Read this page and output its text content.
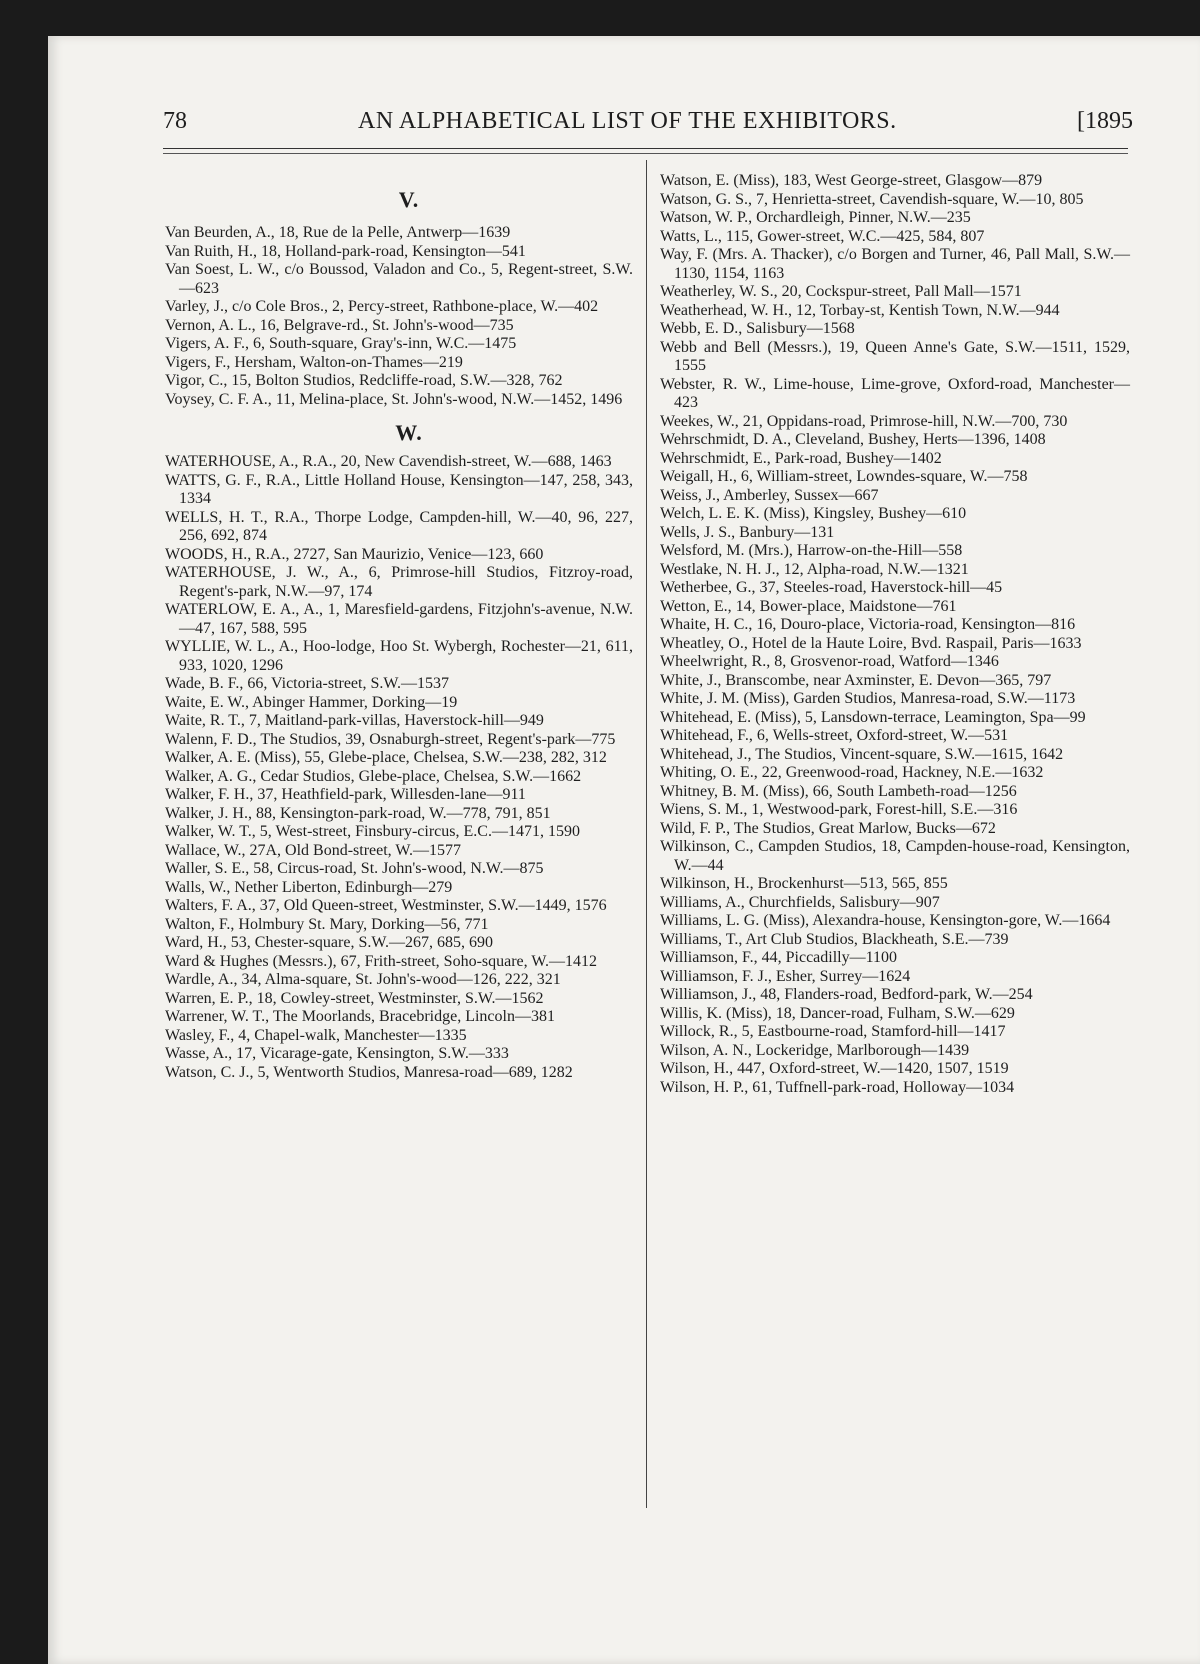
78	AN ALPHABETICAL LIST OF THE EXHIBITORS.	[1895
V.
Van Beurden, A., 18, Rue de la Pelle, Antwerp—1639
Van Ruith, H., 18, Holland-park-road, Kensington—541
Van Soest, L. W., c/o Boussod, Valadon and Co., 5, Regent-street, S.W.—623
Varley, J., c/o Cole Bros., 2, Percy-street, Rathbone-place, W.—402
Vernon, A. L., 16, Belgrave-rd., St. John's-wood—735
Vigers, A. F., 6, South-square, Gray's-inn, W.C.—1475
Vigers, F., Hersham, Walton-on-Thames—219
Vigor, C., 15, Bolton Studios, Redcliffe-road, S.W.—328, 762
Voysey, C. F. A., 11, Melina-place, St. John's-wood, N.W.—1452, 1496
W.
WATERHOUSE, A., R.A., 20, New Cavendish-street, W.—688, 1463
WATTS, G. F., R.A., Little Holland House, Kensington—147, 258, 343, 1334
WELLS, H. T., R.A., Thorpe Lodge, Campden-hill, W.—40, 96, 227, 256, 692, 874
WOODS, H., R.A., 2727, San Maurizio, Venice—123, 660
WATERHOUSE, J. W., A., 6, Primrose-hill Studios, Fitzroy-road, Regent's-park, N.W.—97, 174
WATERLOW, E. A., A., 1, Maresfield-gardens, Fitzjohn's-avenue, N.W.—47, 167, 588, 595
WYLLIE, W. L., A., Hoo-lodge, Hoo St. Wybergh, Rochester—21, 611, 933, 1020, 1296
Wade, B. F., 66, Victoria-street, S.W.—1537
Waite, E. W., Abinger Hammer, Dorking—19
Waite, R. T., 7, Maitland-park-villas, Haverstock-hill—949
Walenn, F. D., The Studios, 39, Osnaburgh-street, Regent's-park—775
Walker, A. E. (Miss), 55, Glebe-place, Chelsea, S.W.—238, 282, 312
Walker, A. G., Cedar Studios, Glebe-place, Chelsea, S.W.—1662
Walker, F. H., 37, Heathfield-park, Willesden-lane—911
Walker, J. H., 88, Kensington-park-road, W.—778, 791, 851
Walker, W. T., 5, West-street, Finsbury-circus, E.C.—1471, 1590
Wallace, W., 27A, Old Bond-street, W.—1577
Waller, S. E., 58, Circus-road, St. John's-wood, N.W.—875
Walls, W., Nether Liberton, Edinburgh—279
Walters, F. A., 37, Old Queen-street, Westminster, S.W.—1449, 1576
Walton, F., Holmbury St. Mary, Dorking—56, 771
Ward, H., 53, Chester-square, S.W.—267, 685, 690
Ward & Hughes (Messrs.), 67, Frith-street, Soho-square, W.—1412
Wardle, A., 34, Alma-square, St. John's-wood—126, 222, 321
Warren, E. P., 18, Cowley-street, Westminster, S.W.—1562
Warrener, W. T., The Moorlands, Bracebridge, Lincoln—381
Wasley, F., 4, Chapel-walk, Manchester—1335
Wasse, A., 17, Vicarage-gate, Kensington, S.W.—333
Watson, C. J., 5, Wentworth Studios, Manresa-road—689, 1282
Watson, E. (Miss), 183, West George-street, Glasgow—879
Watson, G. S., 7, Henrietta-street, Cavendish-square, W.—10, 805
Watson, W. P., Orchardleigh, Pinner, N.W.—235
Watts, L., 115, Gower-street, W.C.—425, 584, 807
Way, F. (Mrs. A. Thacker), c/o Borgen and Turner, 46, Pall Mall, S.W.—1130, 1154, 1163
Weatherley, W. S., 20, Cockspur-street, Pall Mall—1571
Weatherhead, W. H., 12, Torbay-st, Kentish Town, N.W.—944
Webb, E. D., Salisbury—1568
Webb and Bell (Messrs.), 19, Queen Anne's Gate, S.W.—1511, 1529, 1555
Webster, R. W., Lime-house, Lime-grove, Oxford-road, Manchester—423
Weekes, W., 21, Oppidans-road, Primrose-hill, N.W.—700, 730
Wehrschmidt, D. A., Cleveland, Bushey, Herts—1396, 1408
Wehrschmidt, E., Park-road, Bushey—1402
Weigall, H., 6, William-street, Lowndes-square, W.—758
Weiss, J., Amberley, Sussex—667
Welch, L. E. K. (Miss), Kingsley, Bushey—610
Wells, J. S., Banbury—131
Welsford, M. (Mrs.), Harrow-on-the-Hill—558
Westlake, N. H. J., 12, Alpha-road, N.W.—1321
Wetherbee, G., 37, Steeles-road, Haverstock-hill—45
Wetton, E., 14, Bower-place, Maidstone—761
Whaite, H. C., 16, Douro-place, Victoria-road, Kensington—816
Wheatley, O., Hotel de la Haute Loire, Bvd. Raspail, Paris—1633
Wheelwright, R., 8, Grosvenor-road, Watford—1346
White, J., Branscombe, near Axminster, E. Devon—365, 797
White, J. M. (Miss), Garden Studios, Manresa-road, S.W.—1173
Whitehead, E. (Miss), 5, Lansdown-terrace, Leamington, Spa—99
Whitehead, F., 6, Wells-street, Oxford-street, W.—531
Whitehead, J., The Studios, Vincent-square, S.W.—1615, 1642
Whiting, O. E., 22, Greenwood-road, Hackney, N.E.—1632
Whitney, B. M. (Miss), 66, South Lambeth-road—1256
Wiens, S. M., 1, Westwood-park, Forest-hill, S.E.—316
Wild, F. P., The Studios, Great Marlow, Bucks—672
Wilkinson, C., Campden Studios, 18, Campden-house-road, Kensington, W.—44
Wilkinson, H., Brockenhurst—513, 565, 855
Williams, A., Churchfields, Salisbury—907
Williams, L. G. (Miss), Alexandra-house, Kensington-gore, W.—1664
Williams, T., Art Club Studios, Blackheath, S.E.—739
Williamson, F., 44, Piccadilly—1100
Williamson, F. J., Esher, Surrey—1624
Williamson, J., 48, Flanders-road, Bedford-park, W.—254
Willis, K. (Miss), 18, Dancer-road, Fulham, S.W.—629
Willock, R., 5, Eastbourne-road, Stamford-hill—1417
Wilson, A. N., Lockeridge, Marlborough—1439
Wilson, H., 447, Oxford-street, W.—1420, 1507, 1519
Wilson, H. P., 61, Tuffnell-park-road, Holloway—1034
